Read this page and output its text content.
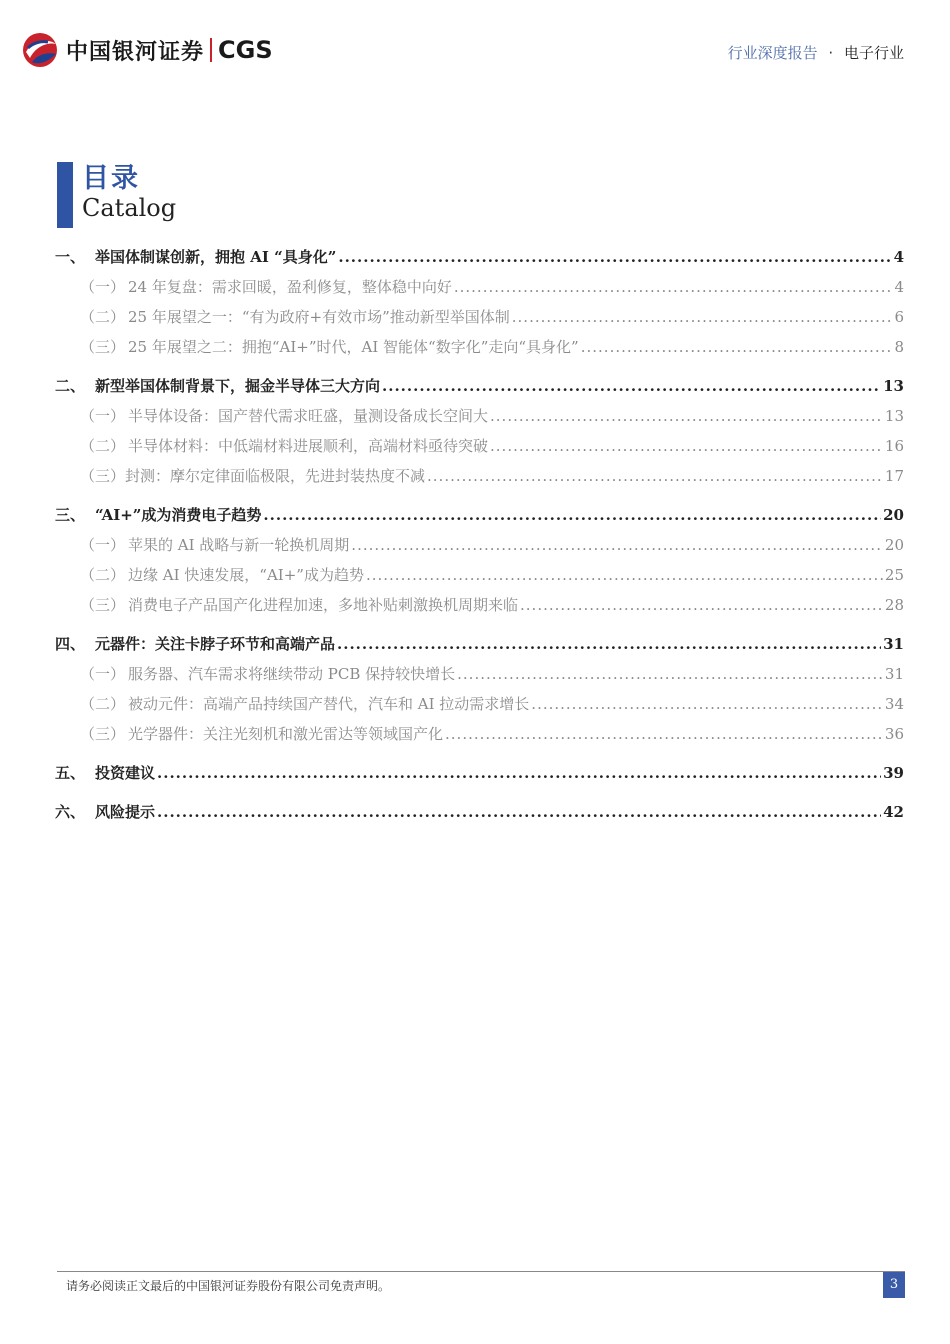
中国银河证券 CGS	行业深度报告 · 电子行业
目录
Catalog
一、 举国体制谋创新，拥抱 AI “具身化” .....	4
（一） 24 年复盘：需求回暖，盈利修复，整体稳中向好 .....	4
（二） 25 年展望之一：“有为政府+有效市场”推动新型举国体制 .....	6
（三） 25 年展望之二：拥抱“AI+”时代，AI 智能体“数字化”走向“具身化” .....	8
二、 新型举国体制背景下，掘金半导体三大方向 .....	13
（一） 半导体设备：国产替代需求旺盛，量测设备成长空间大 .....	13
（二） 半导体材料：中低端材料进展顺利，高端材料亟待突破 .....	16
（三）封测：摩尔定律面临极限，先进封装热度不减 .....	17
三、 “AI+”成为消费电子趋势 .....	20
（一） 苹果的 AI 战略与新一轮换机周期 .....	20
（二） 边缘 AI 快速发展，“AI+”成为趋势 .....	25
（三） 消费电子产品国产化进程加速，多地补贴刺激换机周期来临 .....	28
四、 元器件：关注卡脖子环节和高端产品 .....	31
（一） 服务器、汽车需求将继续带动 PCB 保持较快增长 .....	31
（二） 被动元件：高端产品持续国产替代，汽车和 AI 拉动需求增长 .....	34
（三） 光学器件：关注光刻机和激光雷达等领域国产化 .....	36
五、 投资建议 .....	39
六、 风险提示 .....	42
请务必阅读正文最后的中国银河证券股份有限公司免责声明。	3
